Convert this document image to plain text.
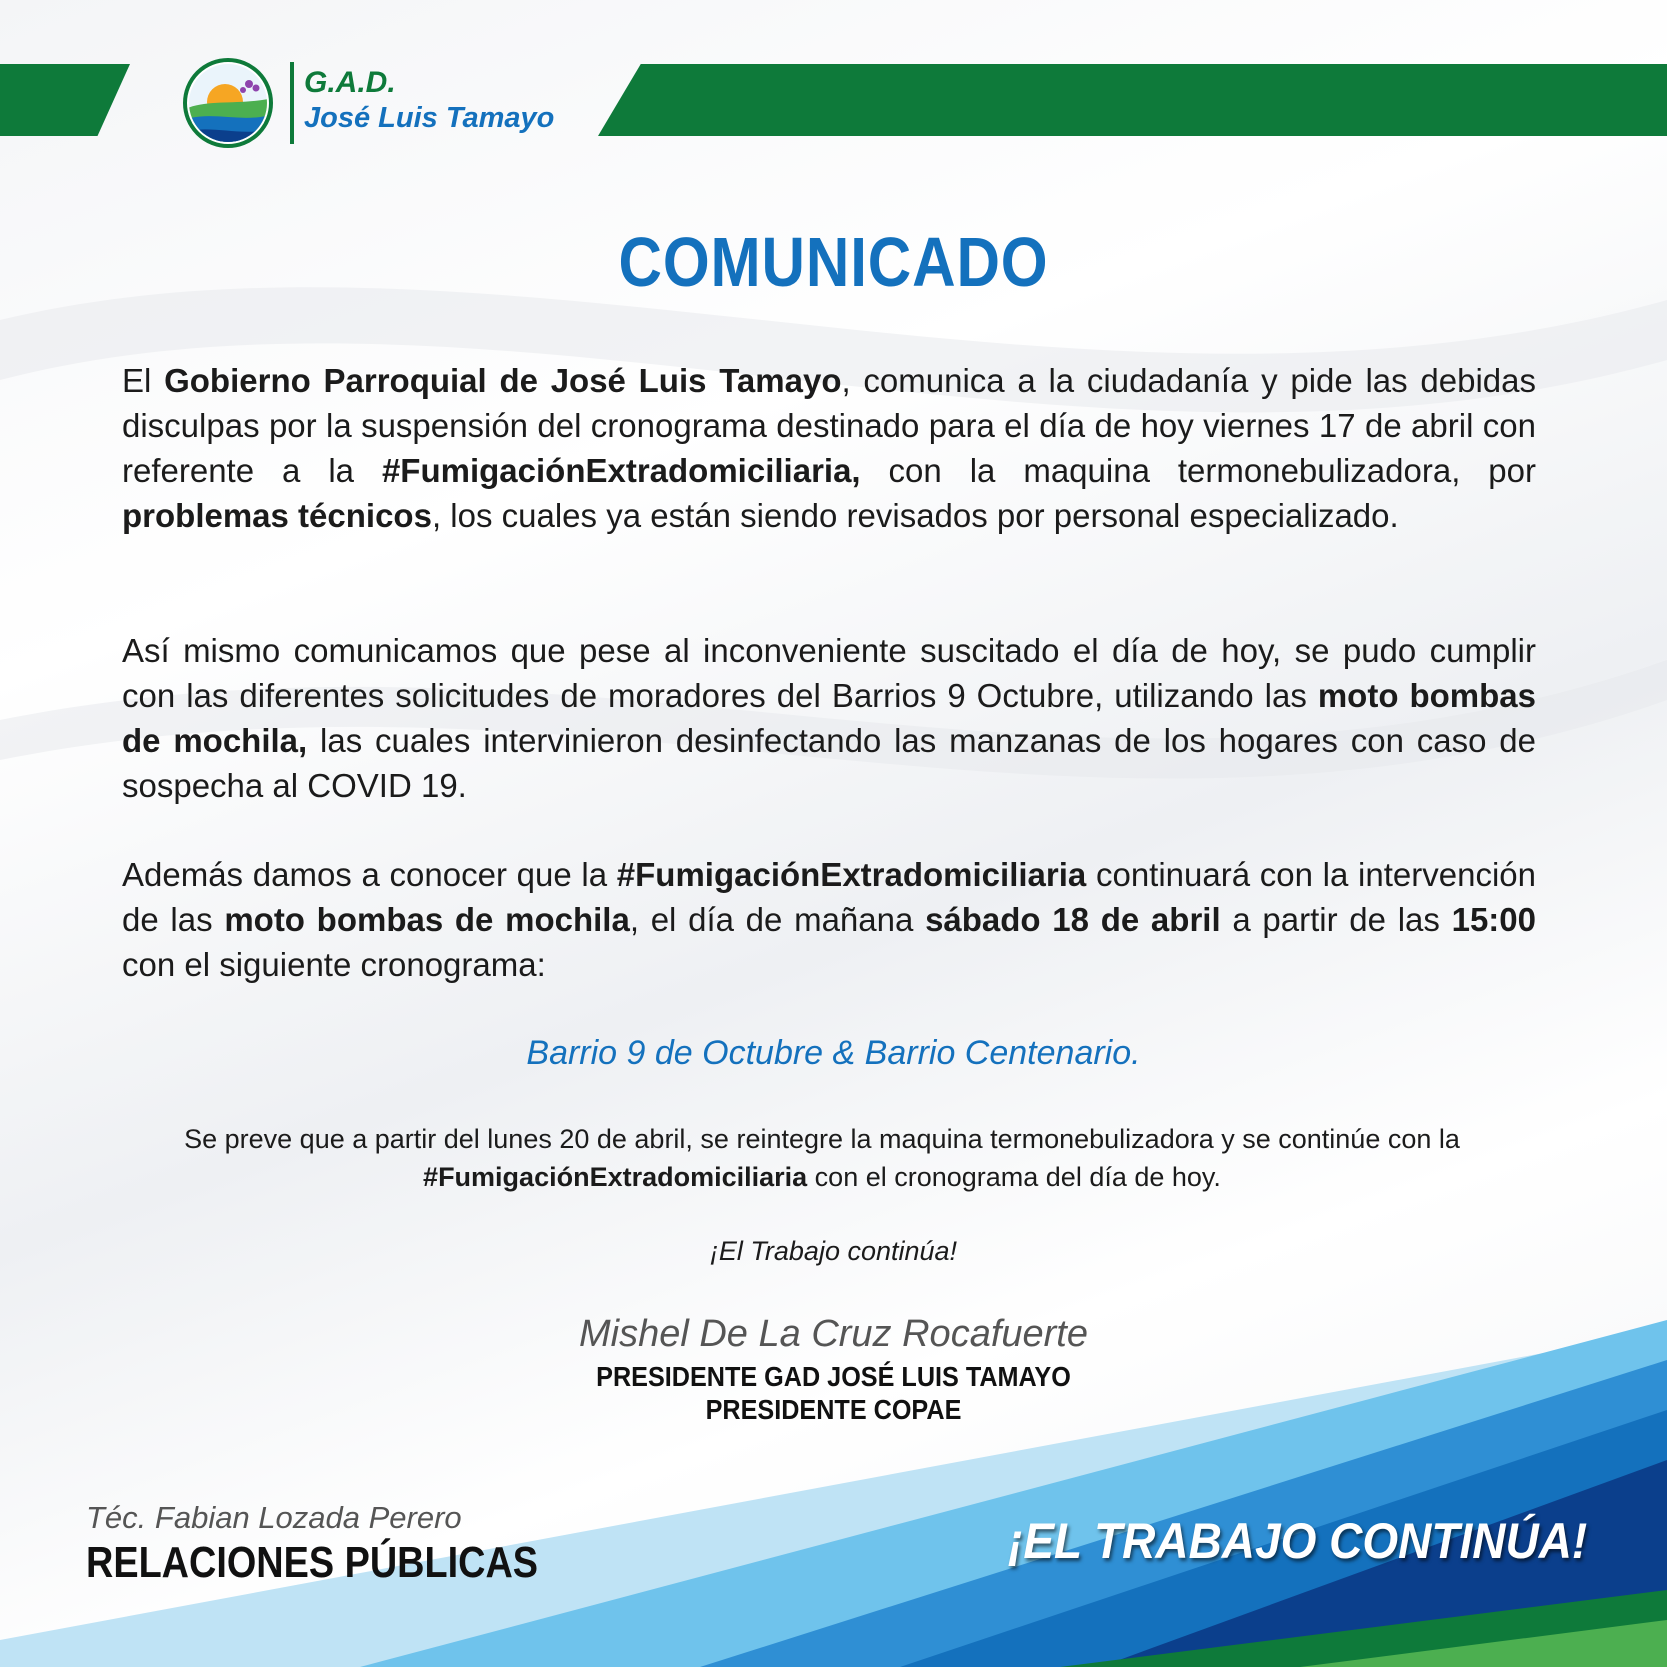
G.A.D.
José Luis Tamayo
COMUNICADO

El Gobierno Parroquial de José Luis Tamayo, comunica a la ciudadanía y pide las debidas disculpas por la suspensión del cronograma destinado para el día de hoy viernes 17 de abril con referente a la #FumigaciónExtradomiciliaria, con la maquina termonebulizadora, por problemas técnicos, los cuales ya están siendo revisados por personal especializado.

Así mismo comunicamos que pese al inconveniente suscitado el día de hoy, se pudo cumplir con las diferentes solicitudes de moradores del Barrios 9 Octubre, utilizando las moto bombas de mochila, las cuales intervinieron desinfectando las manzanas de los hogares con caso de sospecha al COVID 19.

Además damos a conocer que la #FumigaciónExtradomiciliaria continuará con la intervención de las moto bombas de mochila, el día de mañana sábado 18 de abril a partir de las 15:00 con el siguiente cronograma:

Barrio 9 de Octubre & Barrio Centenario.
Se preve que a partir del lunes 20 de abril, se reintegre la maquina termonebulizadora y se continúe con la #FumigaciónExtradomiciliaria con el cronograma del día de hoy.
¡El Trabajo continúa!
Mishel De La Cruz Rocafuerte
PRESIDENTE GAD JOSÉ LUIS TAMAYO
PRESIDENTE COPAE
Téc. Fabian Lozada Perero
RELACIONES PÚBLICAS	¡EL TRABAJO CONTINÚA!
